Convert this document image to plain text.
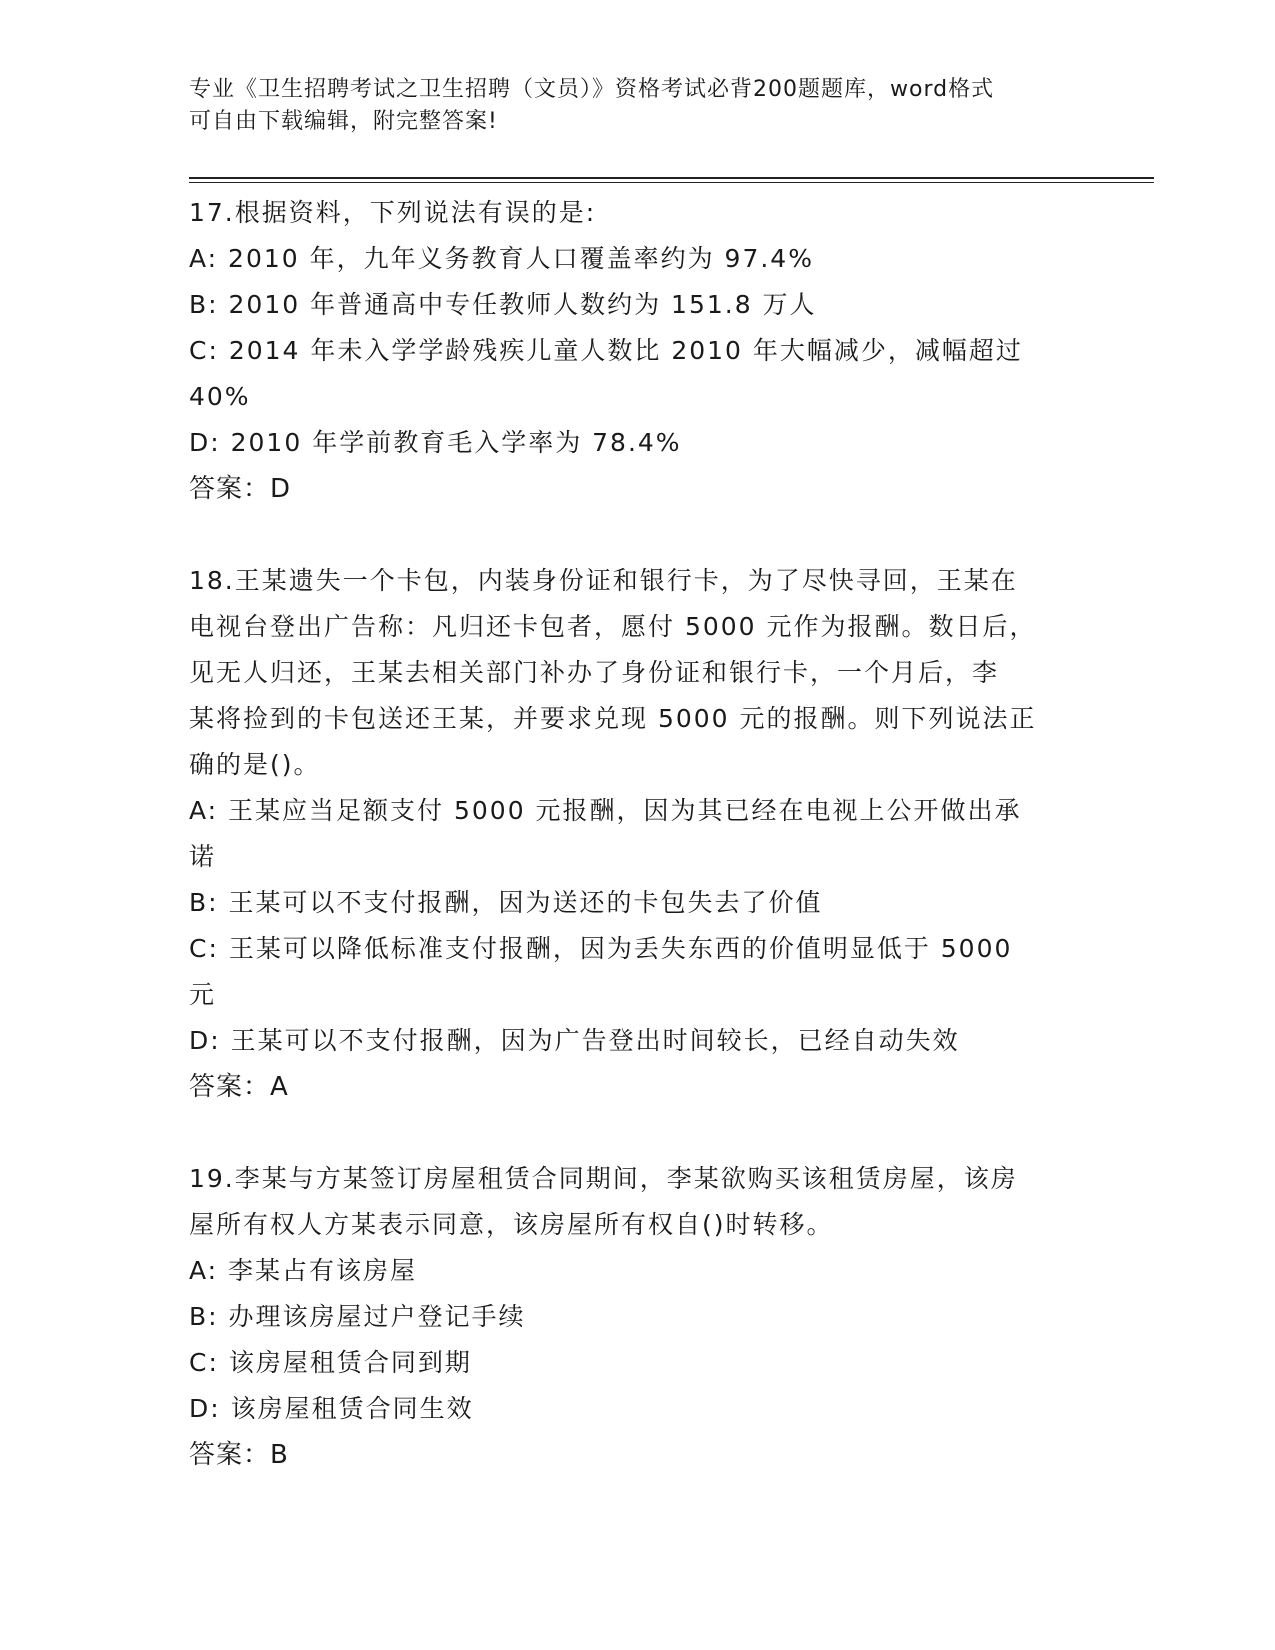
专业《卫生招聘考试之卫生招聘（文员）》资格考试必背200题题库，word格式
可自由下载编辑，附完整答案!
17.根据资料，下列说法有误的是:
A: 2010 年，九年义务教育人口覆盖率约为 97.4%
B: 2010 年普通高中专任教师人数约为 151.8 万人
C: 2014 年未入学学龄残疾儿童人数比 2010 年大幅减少，减幅超过
40%
D: 2010 年学前教育毛入学率为 78.4%
答案：D
18.王某遗失一个卡包，内装身份证和银行卡，为了尽快寻回，王某在
电视台登出广告称：凡归还卡包者，愿付 5000 元作为报酬。数日后，
见无人归还，王某去相关部门补办了身份证和银行卡，一个月后，李
某将捡到的卡包送还王某，并要求兑现 5000 元的报酬。则下列说法正
确的是()。
A: 王某应当足额支付 5000 元报酬，因为其已经在电视上公开做出承
诺
B: 王某可以不支付报酬，因为送还的卡包失去了价值
C: 王某可以降低标准支付报酬，因为丢失东西的价值明显低于 5000
元
D: 王某可以不支付报酬，因为广告登出时间较长，已经自动失效
答案：A
19.李某与方某签订房屋租赁合同期间，李某欲购买该租赁房屋，该房
屋所有权人方某表示同意，该房屋所有权自()时转移。
A: 李某占有该房屋
B: 办理该房屋过户登记手续
C: 该房屋租赁合同到期
D: 该房屋租赁合同生效
答案：B
